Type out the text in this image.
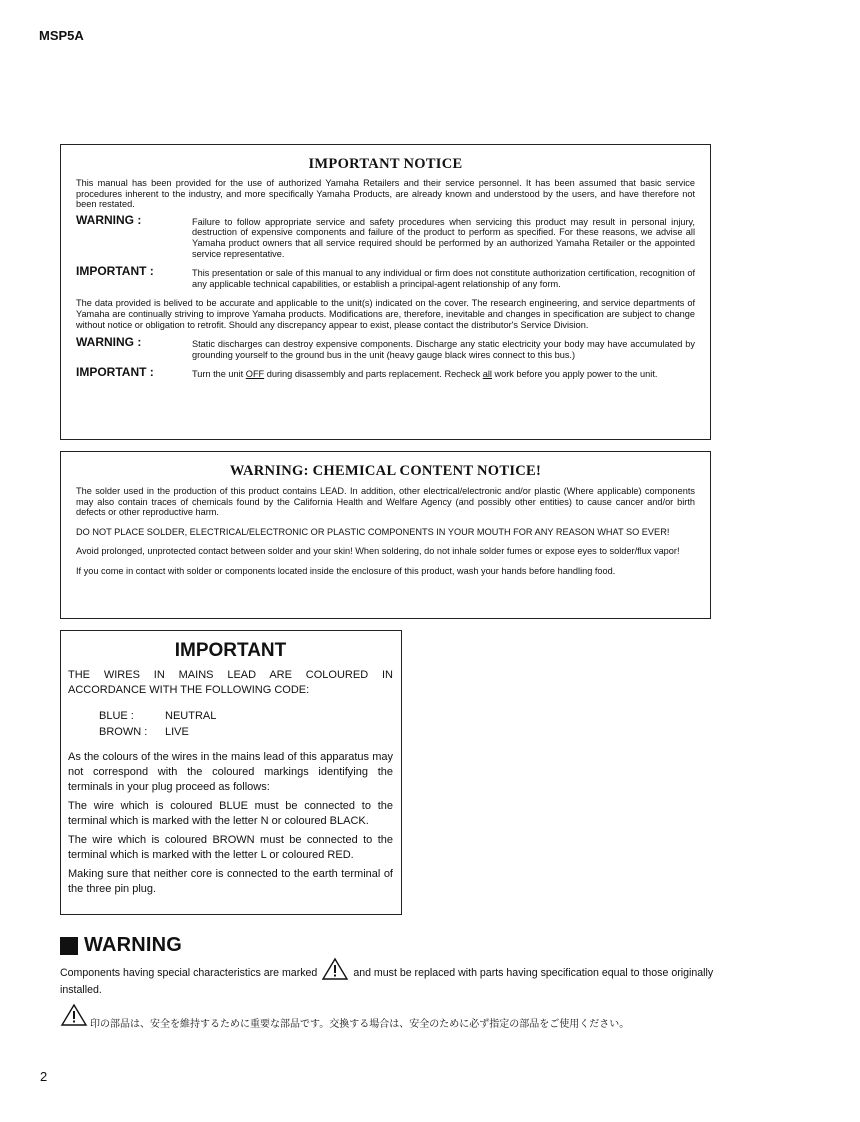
MSP5A
IMPORTANT NOTICE

This manual has been provided for the use of authorized Yamaha Retailers and their service personnel. It has been assumed that basic service procedures inherent to the industry, and more specifically Yamaha Products, are already known and understood by the users, and have therefore not been restated.

WARNING :	Failure to follow appropriate service and safety procedures when servicing this product may result in personal injury, destruction of expensive components and failure of the product to perform as specified. For these reasons, we advise all Yamaha product owners that all service required should be performed by an authorized Yamaha Retailer or the appointed service representative.
IMPORTANT :	This presentation or sale of this manual to any individual or firm does not constitute authorization certification, recognition of any applicable technical capabilities, or establish a principal-agent relationship of any form.

The data provided is belived to be accurate and applicable to the unit(s) indicated on the cover. The research engineering, and service departments of Yamaha are continually striving to improve Yamaha products. Modifications are, therefore, inevitable and changes in specification are subject to change without notice or obligation to retrofit. Should any discrepancy appear to exist, please contact the distributor's Service Division.

WARNING :	Static discharges can destroy expensive components. Discharge any static electricity your body may have accumulated by grounding yourself to the ground bus in the unit (heavy gauge black wires connect to this bus.)
IMPORTANT :	Turn the unit OFF during disassembly and parts replacement. Recheck all work before you apply power to the unit.
WARNING: CHEMICAL CONTENT NOTICE!

The solder used in the production of this product contains LEAD. In addition, other electrical/electronic and/or plastic (Where applicable) components may also contain traces of chemicals found by the California Health and Welfare Agency (and possibly other entities) to cause cancer and/or birth defects or other reproductive harm.

DO NOT PLACE SOLDER, ELECTRICAL/ELECTRONIC OR PLASTIC COMPONENTS IN YOUR MOUTH FOR ANY REASON WHAT SO EVER!

Avoid prolonged, unprotected contact between solder and your skin! When soldering, do not inhale solder fumes or expose eyes to solder/flux vapor!

If you come in contact with solder or components located inside the enclosure of this product, wash your hands before handling food.

IMPORTANT

THE WIRES IN MAINS LEAD ARE COLOURED IN ACCORDANCE WITH THE FOLLOWING CODE:

BLUE :	NEUTRAL
BROWN :	LIVE

As the colours of the wires in the mains lead of this apparatus may not correspond with the coloured markings identifying the terminals in your plug proceed as follows:

The wire which is coloured BLUE must be connected to the terminal which is marked with the letter N or coloured BLACK.

The wire which is coloured BROWN must be connected to the terminal which is marked with the letter L or coloured RED.

Making sure that neither core is connected to the earth terminal of the three pin plug.

WARNING
Components having special characteristics are marked	and must be replaced with parts having specification equal to those originally installed.
印の部品は、安全を維持するために重要な部品です。交換する場合は、安全のために必ず指定の部品をご使用ください。
2
